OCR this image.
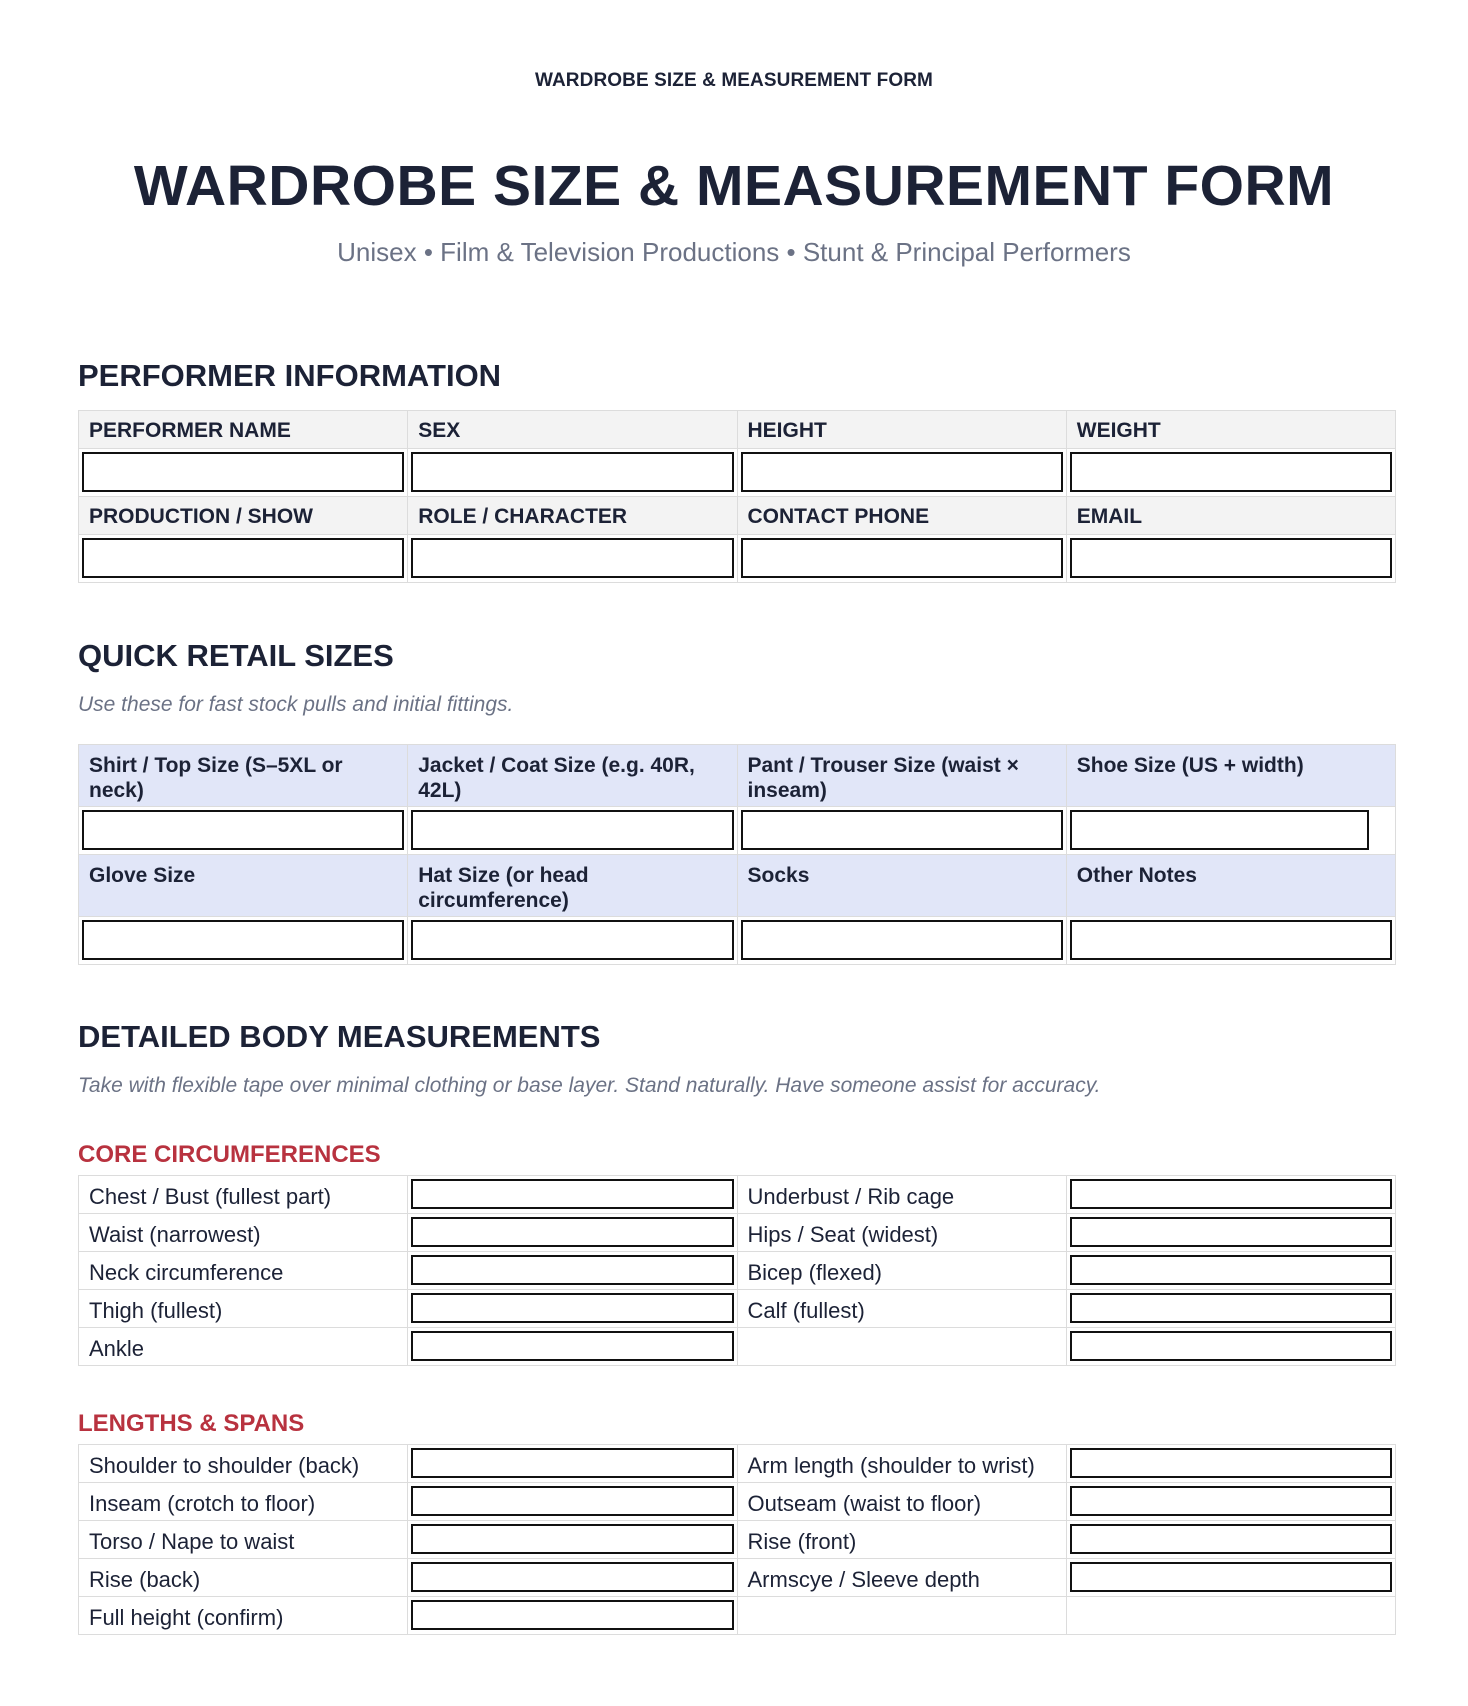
WARDROBE SIZE & MEASUREMENT FORM
WARDROBE SIZE & MEASUREMENT FORM
Unisex • Film & Television Productions • Stunt & Principal Performers
PERFORMER INFORMATION
PERFORMER NAME	SEX	HEIGHT	WEIGHT

PRODUCTION / SHOW	ROLE / CHARACTER	CONTACT PHONE	EMAIL

QUICK RETAIL SIZES
Use these for fast stock pulls and initial fittings.
Shirt / Top Size (S–5XL or neck)	Jacket / Coat Size (e.g. 40R, 42L)	Pant / Trouser Size (waist × inseam)	Shoe Size (US + width)

Glove Size	Hat Size (or head circumference)	Socks	Other Notes

DETAILED BODY MEASUREMENTS
Take with flexible tape over minimal clothing or base layer. Stand naturally. Have someone assist for accuracy.
CORE CIRCUMFERENCES
Chest / Bust (fullest part)		Underbust / Rib cage	

Waist (narrowest)		Hips / Seat (widest)	

Neck circumference		Bicep (flexed)	

Thigh (fullest)		Calf (fullest)	

Ankle	

LENGTHS & SPANS
Shoulder to shoulder (back)		Arm length (shoulder to wrist)	

Inseam (crotch to floor)		Outseam (waist to floor)	

Torso / Nape to waist		Rise (front)	

Rise (back)		Armscye / Sleeve depth	

Full height (confirm)	
